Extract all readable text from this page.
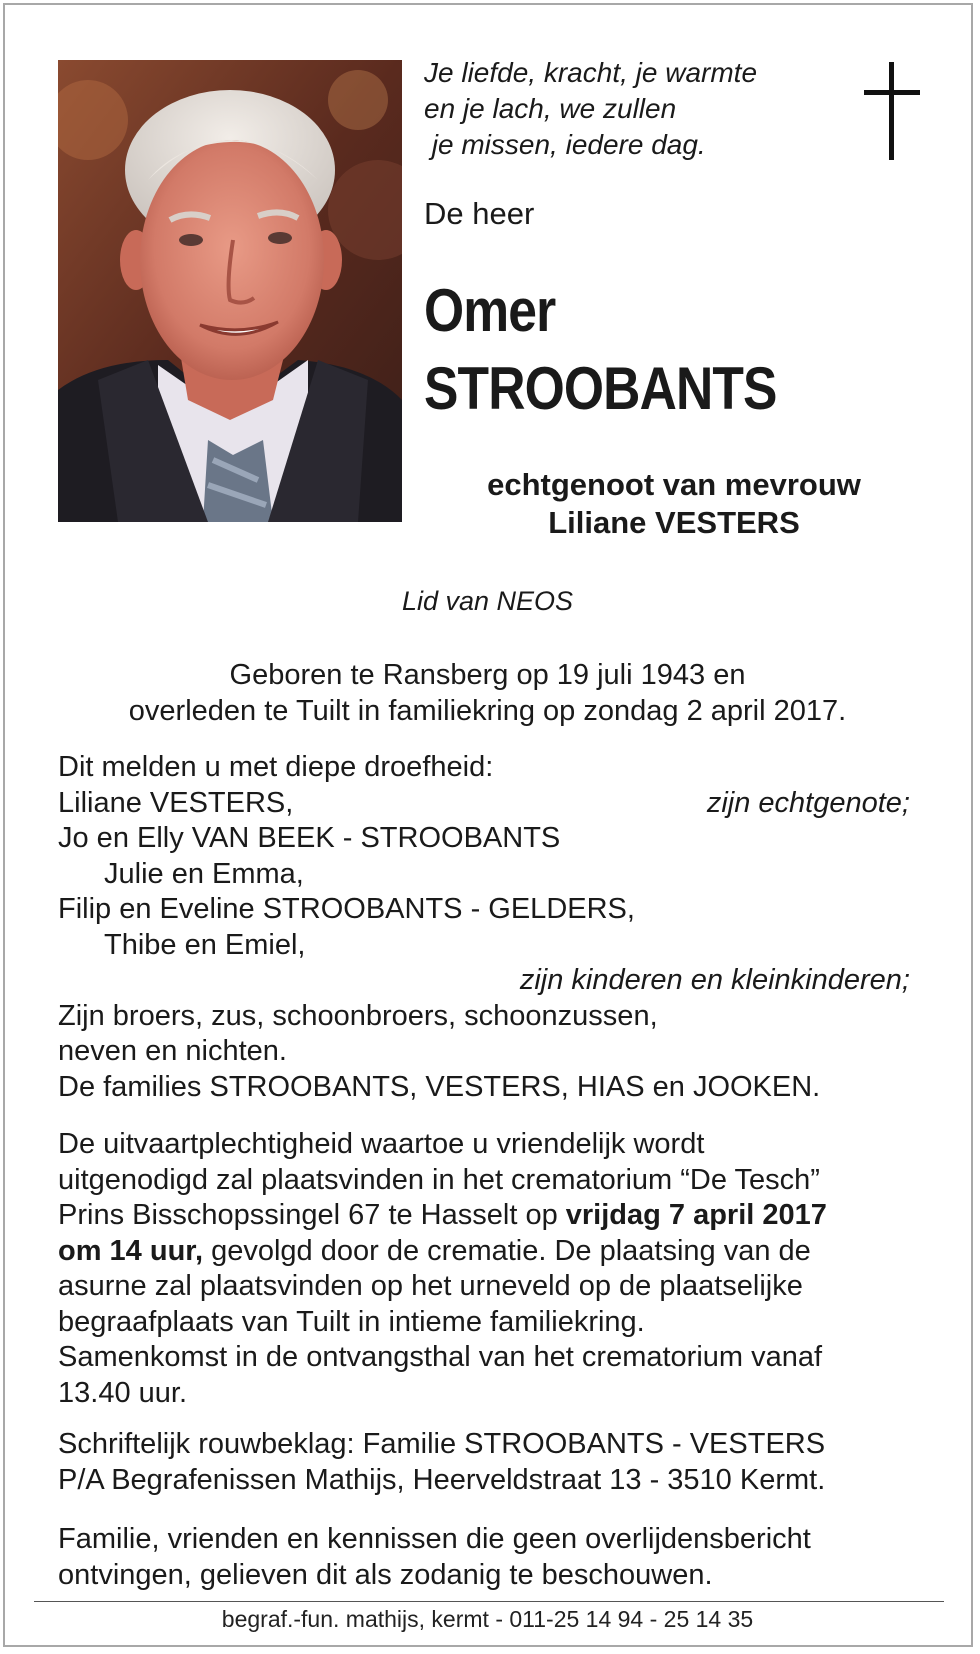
Je liefde, kracht, je warmte
en je lach, we zullen
je missen, iedere dag.
De heer
Omer
STROOBANTS
echtgenoot van mevrouw
Liliane VESTERS
Lid van NEOS
Geboren te Ransberg op 19 juli 1943 en
overleden te Tuilt in familiekring op zondag 2 april 2017.
Dit melden u met diepe droefheid:
Liliane VESTERS,	zijn echtgenote;
Jo en Elly VAN BEEK - STROOBANTS
Julie en Emma,
Filip en Eveline STROOBANTS - GELDERS,
Thibe en Emiel,
zijn kinderen en kleinkinderen;
Zijn broers, zus, schoonbroers, schoonzussen,
neven en nichten.
De families STROOBANTS, VESTERS, HIAS en JOOKEN.
De uitvaartplechtigheid waartoe u vriendelijk wordt
uitgenodigd zal plaatsvinden in het crematorium “De Tesch”
Prins Bisschopssingel 67 te Hasselt op vrijdag 7 april 2017
om 14 uur, gevolgd door de crematie. De plaatsing van de
asurne zal plaatsvinden op het urneveld op de plaatselijke
begraafplaats van Tuilt in intieme familiekring.
Samenkomst in de ontvangsthal van het crematorium vanaf
13.40 uur.
Schriftelijk rouwbeklag: Familie STROOBANTS - VESTERS
P/A Begrafenissen Mathijs, Heerveldstraat 13 - 3510 Kermt.
Familie, vrienden en kennissen die geen overlijdensbericht
ontvingen, gelieven dit als zodanig te beschouwen.
begraf.-fun. mathijs, kermt - 011-25 14 94 - 25 14 35
